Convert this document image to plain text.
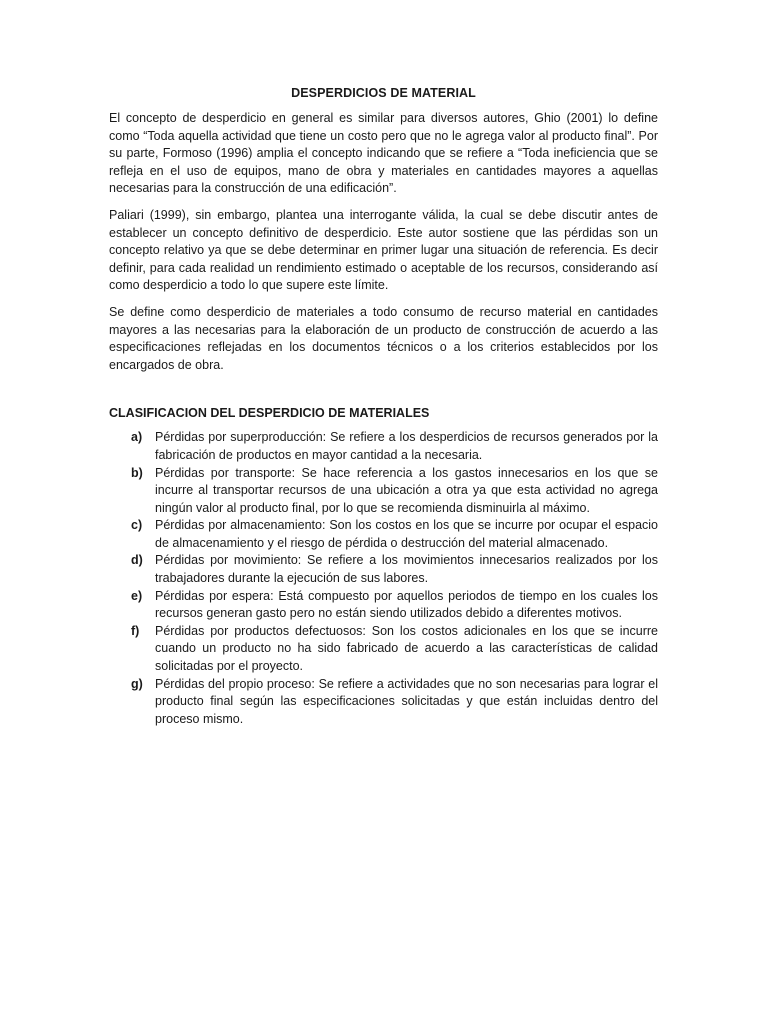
DESPERDICIOS DE MATERIAL

El concepto de desperdicio en general es similar para diversos autores, Ghio (2001) lo define como “Toda aquella actividad que tiene un costo pero que no le agrega valor al producto final”. Por su parte, Formoso (1996) amplia el concepto indicando que se refiere a “Toda ineficiencia que se refleja en el uso de equipos, mano de obra y materiales en cantidades mayores a aquellas necesarias para la construcción de una edificación”.

Paliari (1999), sin embargo, plantea una interrogante válida, la cual se debe discutir antes de establecer un concepto definitivo de desperdicio. Este autor sostiene que las pérdidas son un concepto relativo ya que se debe determinar en primer lugar una situación de referencia. Es decir definir, para cada realidad un rendimiento estimado o aceptable de los recursos, considerando así como desperdicio a todo lo que supere este límite.

Se define como desperdicio de materiales a todo consumo de recurso material en cantidades mayores a las necesarias para la elaboración de un producto de construcción de acuerdo a las especificaciones reflejadas en los documentos técnicos o a los criterios establecidos por los encargados de obra.

CLASIFICACION DEL DESPERDICIO DE MATERIALES
a)	Pérdidas por superproducción: Se refiere a los desperdicios de recursos generados por la fabricación de productos en mayor cantidad a la necesaria.
b) Pérdidas por transporte: Se hace referencia a los gastos innecesarios en los que se incurre al transportar recursos de una ubicación a otra ya que esta actividad no agrega ningún valor al producto final, por lo que se recomienda disminuirla al máximo.
c)	Pérdidas por almacenamiento: Son los costos en los que se incurre por ocupar el espacio de almacenamiento y el riesgo de pérdida o destrucción del material almacenado.
d) Pérdidas por movimiento: Se refiere a los movimientos innecesarios realizados por los trabajadores durante la ejecución de sus labores.
e)	Pérdidas por espera: Está compuesto por aquellos periodos de tiempo en los cuales los recursos generan gasto pero no están siendo utilizados debido a diferentes motivos.
f)	Pérdidas por productos defectuosos: Son los costos adicionales en los que se incurre cuando un producto no ha sido fabricado de acuerdo a las características de calidad solicitadas por el proyecto.
g) Pérdidas del propio proceso: Se refiere a actividades que no son necesarias para lograr el producto final según las especificaciones solicitadas y que están incluidas dentro del proceso mismo.
